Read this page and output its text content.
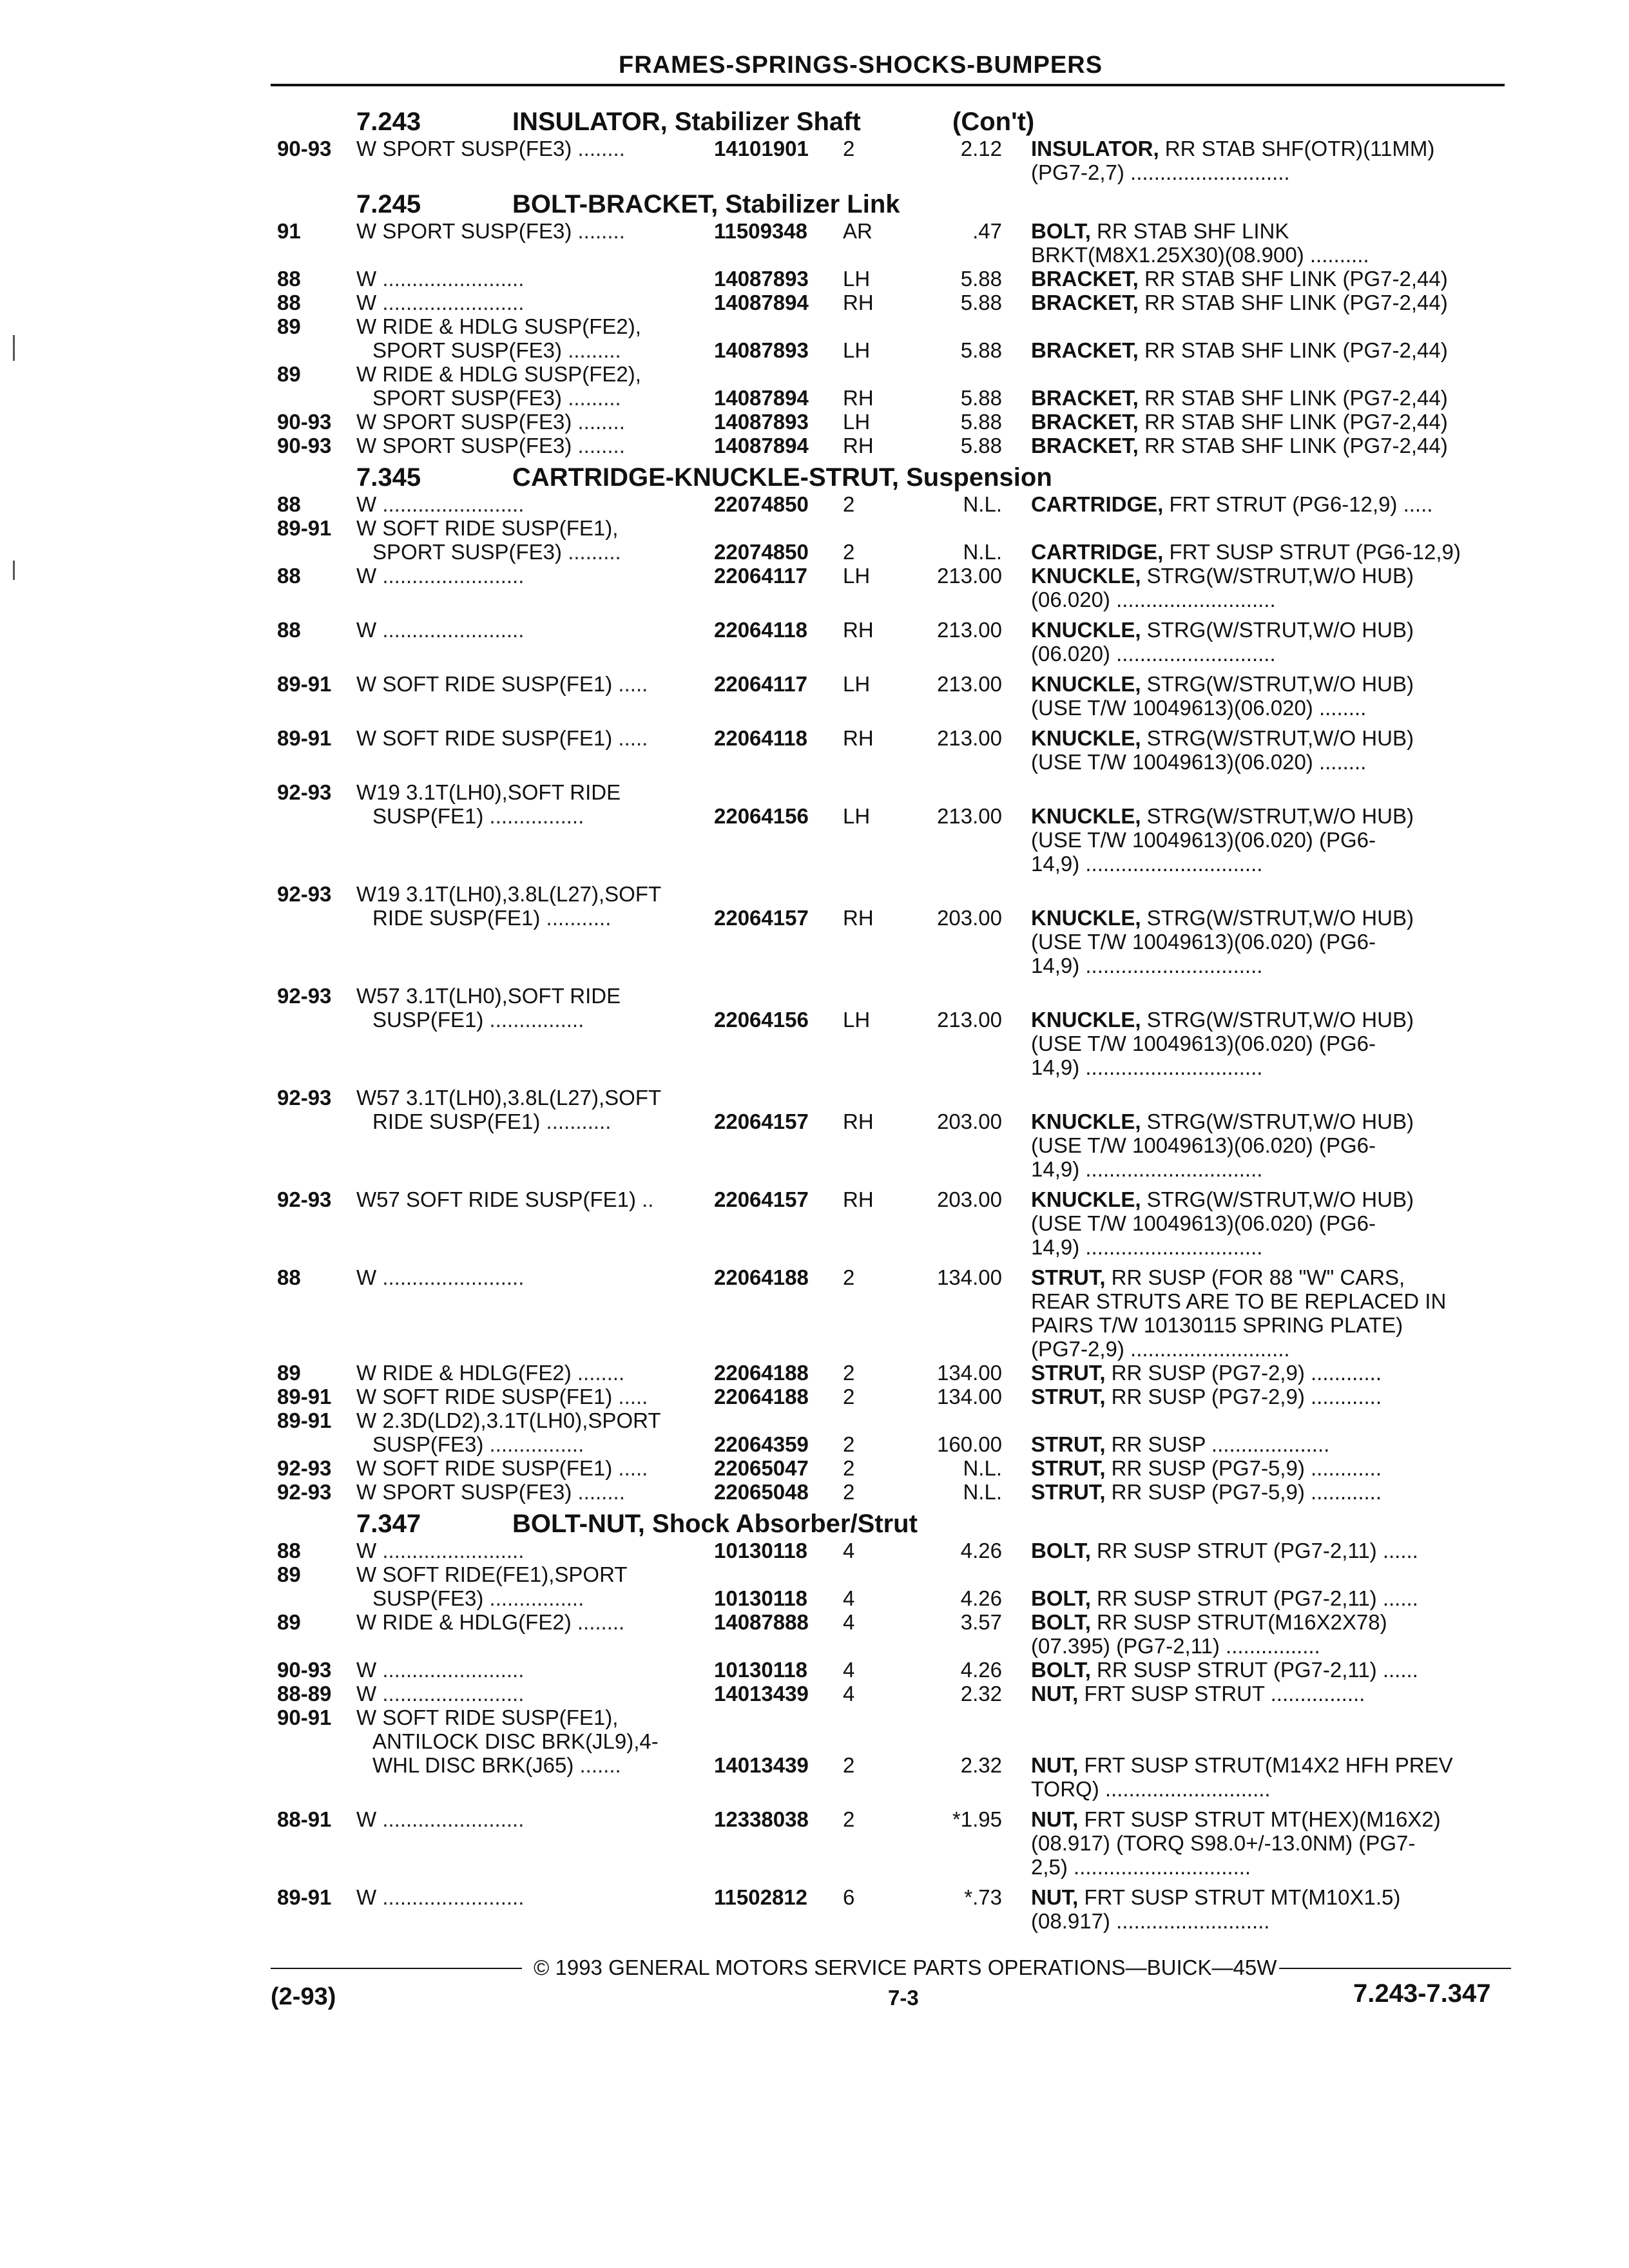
FRAMES-SPRINGS-SHOCKS-BUMPERS
7.243	INSULATOR, Stabilizer Shaft	(Con't)
90-93 W SPORT SUSP(FE3) ........	14101901 2	2.12 INSULATOR, RR STAB SHF(OTR)(11MM)
(PG7-2,7) ...........................
7.245	BOLT-BRACKET, Stabilizer Link
91	W SPORT SUSP(FE3) ........	11509348 AR	.47 BOLT, RR STAB SHF LINK
BRKT(M8X1.25X30)(08.900) ..........
88	W ........................	14087893 LH	5.88 BRACKET, RR STAB SHF LINK (PG7-2,44)
88	W ........................	14087894 RH	5.88 BRACKET, RR STAB SHF LINK (PG7-2,44)
89	W RIDE & HDLG SUSP(FE2),
SPORT SUSP(FE3) .........	14087893 LH	5.88 BRACKET, RR STAB SHF LINK (PG7-2,44)
89	W RIDE & HDLG SUSP(FE2),
SPORT SUSP(FE3) .........	14087894 RH	5.88 BRACKET, RR STAB SHF LINK (PG7-2,44)
90-93 W SPORT SUSP(FE3) ........	14087893 LH	5.88 BRACKET, RR STAB SHF LINK (PG7-2,44)
90-93 W SPORT SUSP(FE3) ........	14087894 RH	5.88 BRACKET, RR STAB SHF LINK (PG7-2,44)
7.345	CARTRIDGE-KNUCKLE-STRUT, Suspension
88	W ........................	22074850 2	N.L. CARTRIDGE, FRT STRUT (PG6-12,9) .....
89-91 W SOFT RIDE SUSP(FE1),
SPORT SUSP(FE3) .........	22074850 2	N.L. CARTRIDGE, FRT SUSP STRUT (PG6-12,9)
88	W ........................	22064117 LH	213.00 KNUCKLE, STRG(W/STRUT,W/O HUB)
(06.020) ...........................
88	W ........................	22064118 RH	213.00 KNUCKLE, STRG(W/STRUT,W/O HUB)
(06.020) ...........................
89-91 W SOFT RIDE SUSP(FE1) .....	22064117 LH	213.00 KNUCKLE, STRG(W/STRUT,W/O HUB)
(USE T/W 10049613)(06.020) ........
89-91 W SOFT RIDE SUSP(FE1) .....	22064118 RH	213.00 KNUCKLE, STRG(W/STRUT,W/O HUB)
(USE T/W 10049613)(06.020) ........
92-93 W19 3.1T(LH0),SOFT RIDE
SUSP(FE1) ................	22064156 LH	213.00 KNUCKLE, STRG(W/STRUT,W/O HUB)
(USE T/W 10049613)(06.020) (PG6-
14,9) ..............................
92-93 W19 3.1T(LH0),3.8L(L27),SOFT
RIDE SUSP(FE1) ...........	22064157 RH	203.00 KNUCKLE, STRG(W/STRUT,W/O HUB)
(USE T/W 10049613)(06.020) (PG6-
14,9) ..............................
92-93 W57 3.1T(LH0),SOFT RIDE
SUSP(FE1) ................	22064156 LH	213.00 KNUCKLE, STRG(W/STRUT,W/O HUB)
(USE T/W 10049613)(06.020) (PG6-
14,9) ..............................
92-93 W57 3.1T(LH0),3.8L(L27),SOFT
RIDE SUSP(FE1) ...........	22064157 RH	203.00 KNUCKLE, STRG(W/STRUT,W/O HUB)
(USE T/W 10049613)(06.020) (PG6-
14,9) ..............................
92-93 W57 SOFT RIDE SUSP(FE1) ..	22064157 RH	203.00 KNUCKLE, STRG(W/STRUT,W/O HUB)
(USE T/W 10049613)(06.020) (PG6-
14,9) ..............................
88	W ........................	22064188 2	134.00 STRUT, RR SUSP (FOR 88 "W" CARS,
REAR STRUTS ARE TO BE REPLACED IN
PAIRS T/W 10130115 SPRING PLATE)
(PG7-2,9) ...........................
89	W RIDE & HDLG(FE2) ........	22064188 2	134.00 STRUT, RR SUSP (PG7-2,9) ............
89-91 W SOFT RIDE SUSP(FE1) .....	22064188 2	134.00 STRUT, RR SUSP (PG7-2,9) ............
89-91 W 2.3D(LD2),3.1T(LH0),SPORT
SUSP(FE3) ................	22064359 2	160.00 STRUT, RR SUSP ....................
92-93 W SOFT RIDE SUSP(FE1) .....	22065047 2	N.L. STRUT, RR SUSP (PG7-5,9) ............
92-93 W SPORT SUSP(FE3) ........	22065048 2	N.L. STRUT, RR SUSP (PG7-5,9) ............
7.347	BOLT-NUT, Shock Absorber/Strut
88	W ........................	10130118 4	4.26 BOLT, RR SUSP STRUT (PG7-2,11) ......
89	W SOFT RIDE(FE1),SPORT
SUSP(FE3) ................	10130118 4	4.26 BOLT, RR SUSP STRUT (PG7-2,11) ......
89	W RIDE & HDLG(FE2) ........	14087888 4	3.57 BOLT, RR SUSP STRUT(M16X2X78)
(07.395) (PG7-2,11) ................
90-93 W ........................	10130118 4	4.26 BOLT, RR SUSP STRUT (PG7-2,11) ......
88-89 W ........................	14013439 4	2.32 NUT, FRT SUSP STRUT ................
90-91 W SOFT RIDE SUSP(FE1),
ANTILOCK DISC BRK(JL9),4-
WHL DISC BRK(J65) .......	14013439 2	2.32 NUT, FRT SUSP STRUT(M14X2 HFH PREV
TORQ) ............................
88-91 W ........................	12338038 2	*1.95 NUT, FRT SUSP STRUT MT(HEX)(M16X2)
(08.917) (TORQ S98.0+/-13.0NM) (PG7-
2,5) ..............................
89-91 W ........................	11502812 6	*.73 NUT, FRT SUSP STRUT MT(M10X1.5)
(08.917) ..........................
© 1993 GENERAL MOTORS SERVICE PARTS OPERATIONS—BUICK—45W
(2-93)	7-3	7.243-7.347
